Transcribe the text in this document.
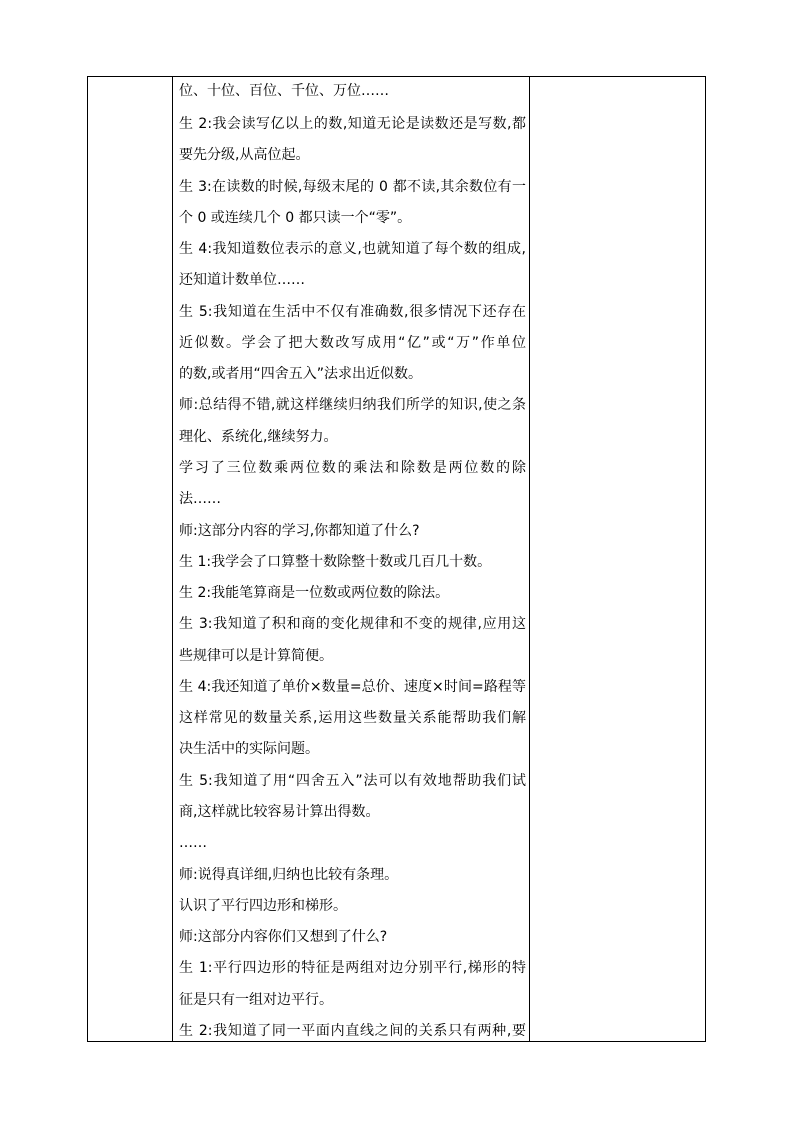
位、十位、百位、千位、万位……
生 2:我会读写亿以上的数,知道无论是读数还是写数,都
要先分级,从高位起。
生 3:在读数的时候,每级末尾的 0 都不读,其余数位有一
个 0 或连续几个 0 都只读一个“零”。
生 4:我知道数位表示的意义,也就知道了每个数的组成,
还知道计数单位……
生 5:我知道在生活中不仅有准确数,很多情况下还存在
近似数。学会了把大数改写成用“亿”或“万”作单位
的数,或者用“四舍五入”法求出近似数。
师:总结得不错,就这样继续归纳我们所学的知识,使之条
理化、系统化,继续努力。
学习了三位数乘两位数的乘法和除数是两位数的除
法……
师:这部分内容的学习,你都知道了什么?
生 1:我学会了口算整十数除整十数或几百几十数。
生 2:我能笔算商是一位数或两位数的除法。
生 3:我知道了积和商的变化规律和不变的规律,应用这
些规律可以是计算简便。
生 4:我还知道了单价×数量=总价、速度×时间=路程等
这样常见的数量关系,运用这些数量关系能帮助我们解
决生活中的实际问题。
生 5:我知道了用“四舍五入”法可以有效地帮助我们试
商,这样就比较容易计算出得数。
……
师:说得真详细,归纳也比较有条理。
认识了平行四边形和梯形。
师:这部分内容你们又想到了什么?
生 1:平行四边形的特征是两组对边分别平行,梯形的特
征是只有一组对边平行。
生 2:我知道了同一平面内直线之间的关系只有两种,要
